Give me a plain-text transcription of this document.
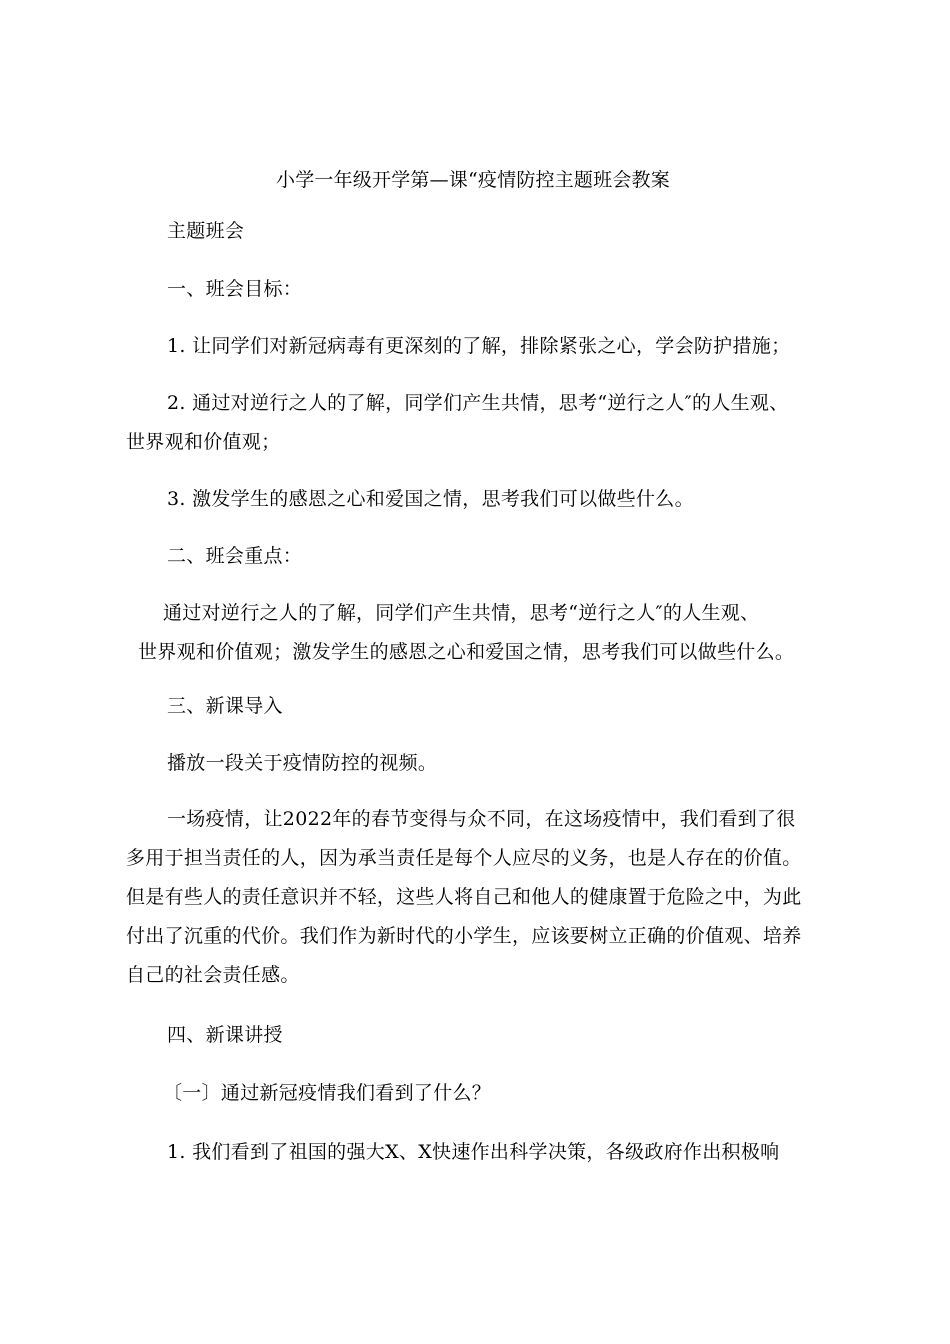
小学一年级开学第—课“疫情防控主题班会教案
主题班会
一、班会目标：
1. 让同学们对新冠病毒有更深刻的了解，排除紧张之心，学会防护措施；
2. 通过对逆行之人的了解，同学们产生共情，思考“逆行之人″的人生观、
世界观和价值观；
3. 激发学生的感恩之心和爱国之情，思考我们可以做些什么。
二、班会重点：
通过对逆行之人的了解，同学们产生共情，思考“逆行之人″的人生观、
世界观和价值观；激发学生的感恩之心和爱国之情，思考我们可以做些什么。
三、新课导入
播放一段关于疫情防控的视频。
一场疫情，让2022年的春节变得与众不同，在这场疫情中，我们看到了很
多用于担当责任的人，因为承当责任是每个人应尽的义务，也是人存在的价值。
但是有些人的责任意识并不轻，这些人将自己和他人的健康置于危险之中，为此
付出了沉重的代价。我们作为新时代的小学生，应该要树立正确的价值观、培养
自己的社会责任感。
四、新课讲授
〔一〕通过新冠疫情我们看到了什么？
1. 我们看到了祖国的强大X、X快速作出科学决策，各级政府作出积极响
